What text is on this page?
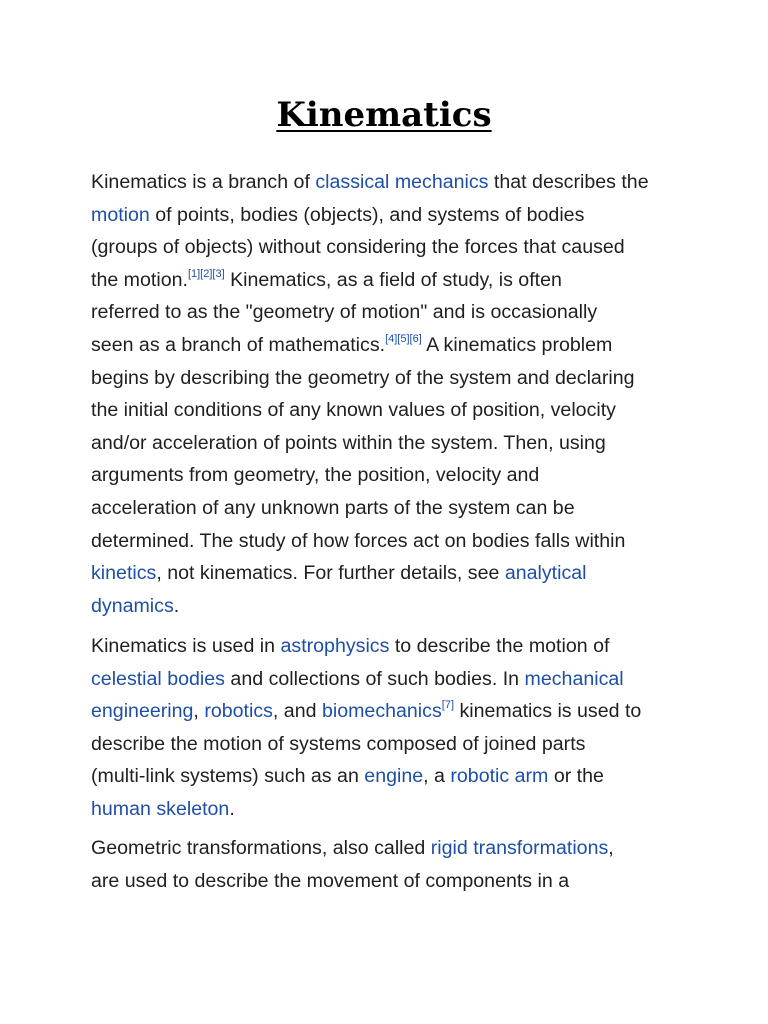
Kinematics
Kinematics is a branch of classical mechanics that describes the
motion of points, bodies (objects), and systems of bodies
(groups of objects) without considering the forces that caused
the motion.[1][2][3] Kinematics, as a field of study, is often
referred to as the "geometry of motion" and is occasionally
seen as a branch of mathematics.[4][5][6] A kinematics problem
begins by describing the geometry of the system and declaring
the initial conditions of any known values of position, velocity
and/or acceleration of points within the system. Then, using
arguments from geometry, the position, velocity and
acceleration of any unknown parts of the system can be
determined. The study of how forces act on bodies falls within
kinetics, not kinematics. For further details, see analytical
dynamics.
Kinematics is used in astrophysics to describe the motion of
celestial bodies and collections of such bodies. In mechanical
engineering, robotics, and biomechanics[7] kinematics is used to
describe the motion of systems composed of joined parts
(multi-link systems) such as an engine, a robotic arm or the
human skeleton.
Geometric transformations, also called rigid transformations,
are used to describe the movement of components in a
